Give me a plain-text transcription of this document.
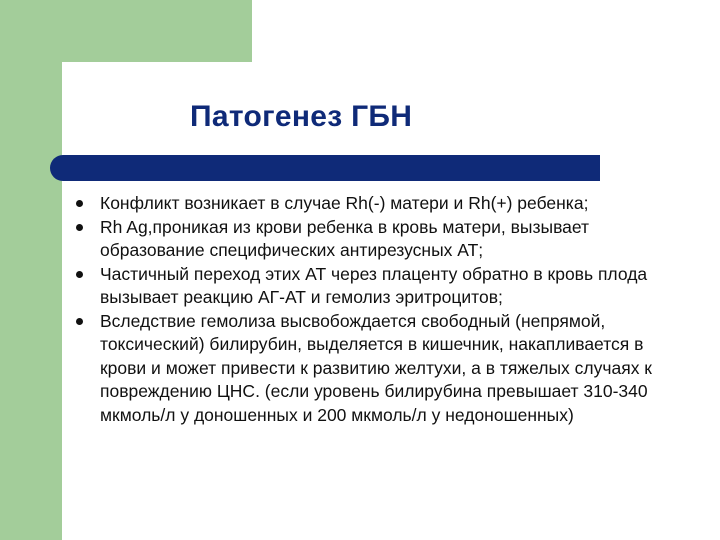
Патогенез ГБН
Конфликт возникает в случае Rh(-) матери и Rh(+) ребенка;
Rh Ag,проникая из крови ребенка в кровь матери, вызывает образование специфических антирезусных АТ;
Частичный переход этих АТ через плаценту обратно в кровь плода вызывает реакцию АГ-АТ и гемолиз эритроцитов;
Вследствие гемолиза высвобождается свободный (непрямой, токсический) билирубин, выделяется в кишечник, накапливается в крови и может привести к развитию желтухи, а в тяжелых случаях к повреждению ЦНС. (если уровень билирубина превышает 310-340 мкмоль/л у доношенных и 200 мкмоль/л у недоношенных)
